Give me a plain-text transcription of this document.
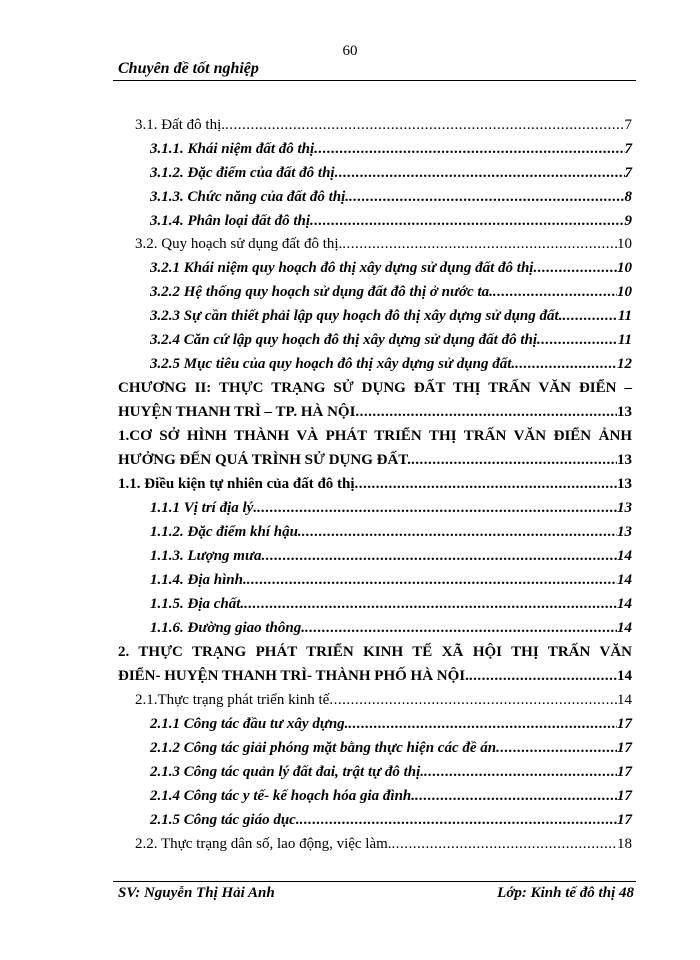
60
Chuyên đề tốt nghiệp
3.1. Đất đô thị. .....	7
3.1.1. Khái niệm đất đô thị .....	7
3.1.2. Đặc điểm của đất đô thị .....	7
3.1.3. Chức năng của đất đô thị. .....	8
3.1.4. Phân loại đất đô thị .....	9
3.2. Quy hoạch sử dụng đất đô thị. .....	10
3.2.1 Khái niệm quy hoạch đô thị xây dựng sử dụng đất đô thị .....	10
3.2.2 Hệ thống quy hoạch sử dụng đất đô thị ở nước ta. .....	10
3.2.3 Sự cần thiết phải lập quy hoạch đô thị xây dựng sử dụng đất. .....	11
3.2.4 Căn cứ lập quy hoạch đô thị xây dựng sử dụng đất đô thị .....	11
3.2.5 Mục tiêu của quy hoạch đô thị xây dựng sử dụng đất. .....	12
CHƯƠNG II: THỰC TRẠNG SỬ DỤNG ĐẤT THỊ TRẤN VĂN ĐIỂN –
HUYỆN THANH TRÌ – TP. HÀ NỘI .....	13
1.CƠ SỞ HÌNH THÀNH VÀ PHÁT TRIỂN THỊ TRẤN VĂN ĐIỂN ẢNH
HƯỞNG ĐẾN QUÁ TRÌNH SỬ DỤNG ĐẤT. .....	13
1.1. Điều kiện tự nhiên của đất đô thị .....	13
1.1.1 Vị trí địa lý. .....	13
1.1.2. Đặc điểm khí hậu. .....	13
1.1.3. Lượng mưa .....	14
1.1.4. Địa hình. .....	14
1.1.5. Địa chất. .....	14
1.1.6. Đường giao thông. .....	14
2. THỰC TRẠNG PHÁT TRIỂN KINH TẾ XÃ HỘI THỊ TRẤN VĂN
ĐIỂN- HUYỆN THANH TRÌ- THÀNH PHỐ HÀ NỘI. .....	14
2.1.Thực trạng phát triển kinh tế .....	14
2.1.1 Công tác đầu tư xây dựng. .....	17
2.1.2 Công tác giải phóng mặt bằng thực hiện các đề án .....	17
2.1.3 Công tác quản lý đất đai, trật tự đô thị. .....	17
2.1.4 Công tác y tế- kế hoạch hóa gia đình. .....	17
2.1.5 Công tác giáo dục. .....	17
2.2. Thực trạng dân số, lao động, việc làm. .....	18
SV: Nguyễn Thị Hải Anh	Lớp: Kinh tế đô thị 48
